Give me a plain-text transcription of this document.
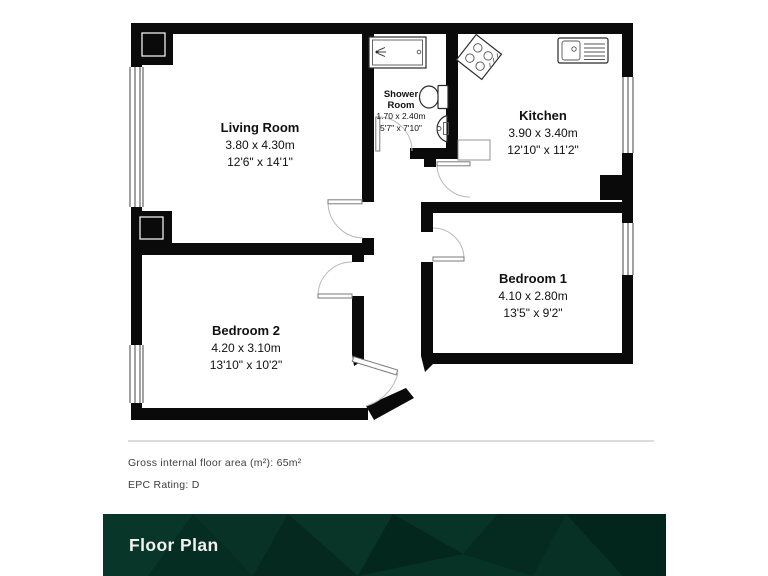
Living Room
3.80 x 4.30m
12'6" x 14'1"
Shower
Room
1.70 x 2.40m
5'7" x 7'10"
Kitchen
3.90 x 3.40m
12'10" x 11'2"
Bedroom 1
4.10 x 2.80m
13'5" x 9'2"
Bedroom 2
4.20 x 3.10m
13'10" x 10'2"
Gross internal floor area (m²): 65m²
EPC Rating: D
Floor Plan
